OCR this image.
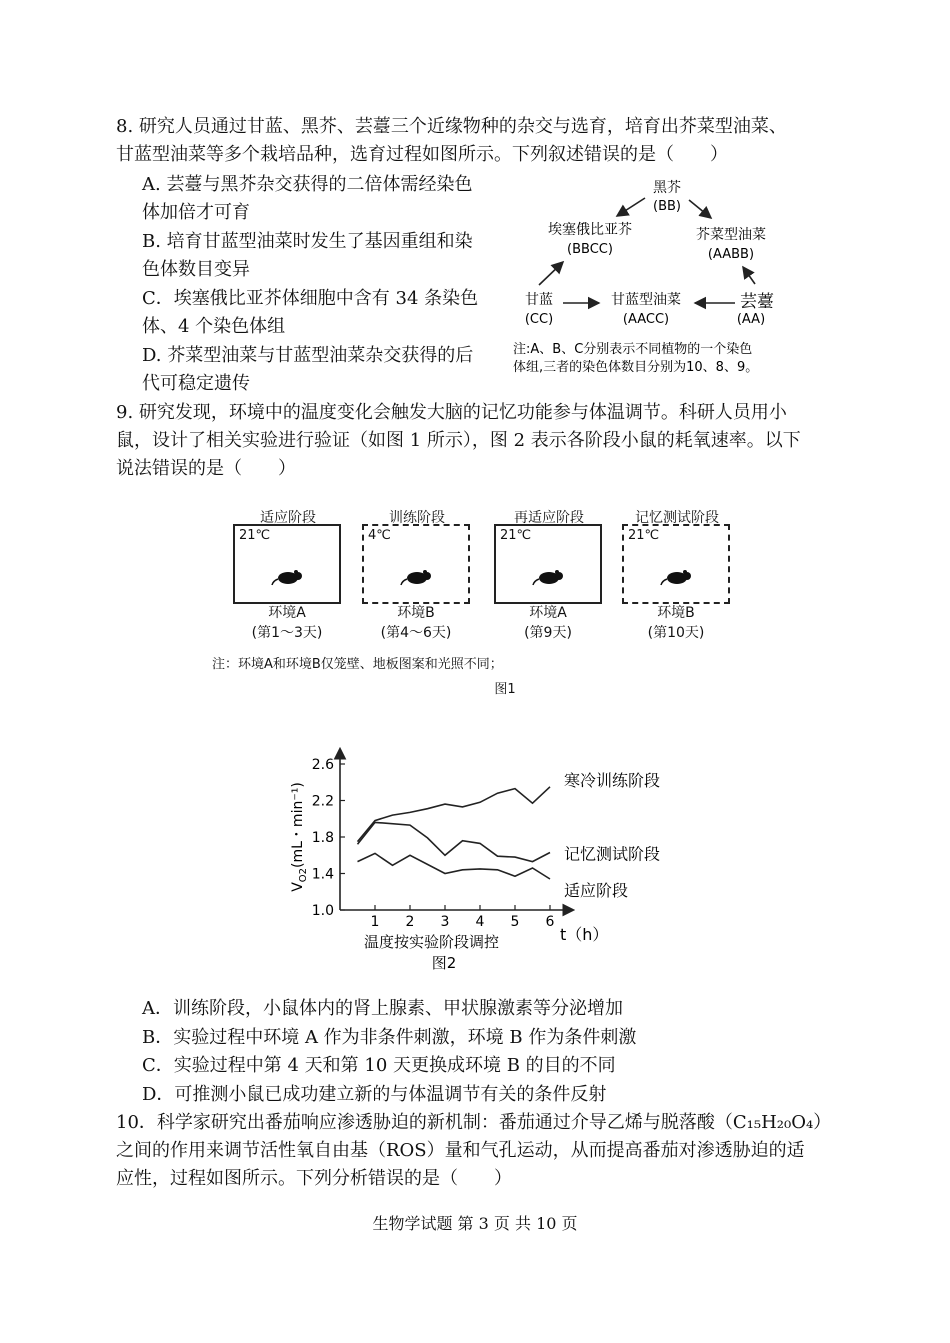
8. 研究人员通过甘蓝、黑芥、芸薹三个近缘物种的杂交与选育，培育出芥菜型油菜、
甘蓝型油菜等多个栽培品种，选育过程如图所示。下列叙述错误的是（　　）
A. 芸薹与黑芥杂交获得的二倍体需经染色
体加倍才可育
B. 培育甘蓝型油菜时发生了基因重组和染
色体数目变异
C．埃塞俄比亚芥体细胞中含有 34 条染色
体、4 个染色体组
D. 芥菜型油菜与甘蓝型油菜杂交获得的后
代可稳定遗传
黑芥
(BB)
埃塞俄比亚芥
(BBCC)
芥菜型油菜
(AABB)
甘蓝
(CC)
甘蓝型油菜
(AACC)
芸薹
(AA)
注:A、B、C分别表示不同植物的一个染色
体组,三者的染色体数目分别为10、8、9。
9. 研究发现，环境中的温度变化会触发大脑的记忆功能参与体温调节。科研人员用小
鼠，设计了相关实验进行验证（如图 1 所示），图 2 表示各阶段小鼠的耗氧速率。以下
说法错误的是（　　）
适应阶段	训练阶段	再适应阶段	记忆测试阶段
21℃	4℃	21℃	21℃
环境A	环境B	环境A	环境B
(第1～3天)	(第4～6天)	(第9天)	(第10天)
注：环境A和环境B仅笼壁、地板图案和光照不同；
图1
1.0
1.4
1.8
2.2
2.6
1 2 3 4 5 6
寒冷训练阶段
记忆测试阶段
适应阶段
$V_{O2}(mL$・min⁻¹)
t（h）
温度按实验阶段调控
图2
A．训练阶段，小鼠体内的肾上腺素、甲状腺激素等分泌增加
B．实验过程中环境 A 作为非条件刺激，环境 B 作为条件刺激
C．实验过程中第 4 天和第 10 天更换成环境 B 的目的不同
D．可推测小鼠已成功建立新的与体温调节有关的条件反射
10．科学家研究出番茄响应渗透胁迫的新机制：番茄通过介导乙烯与脱落酸（C₁₅H₂₀O₄）
之间的作用来调节活性氧自由基（ROS）量和气孔运动，从而提高番茄对渗透胁迫的适
应性，过程如图所示。下列分析错误的是（　　）
生物学试题 第 3 页 共 10 页
